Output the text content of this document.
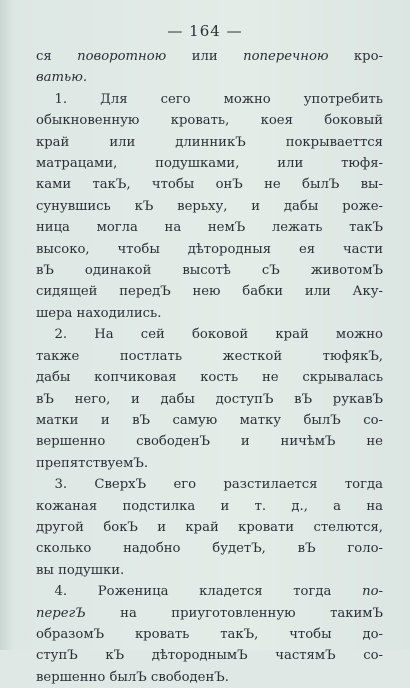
— 164 —
ся поворотною или поперечною кро-
ватью.
1. Для сего можно употребить
обыкновенную кровать, коея боковый
край или длинникЪ покрываеттся
матрацами, подушками, или тюфя-
ками такЪ, чтобы онЪ не былЪ вы-
сунувшись кЪ верьху, и дабы роже-
ница могла на немЪ лежать такЪ
высоко, чтобы дѣтородныя ея части
вЪ одинакой высотѣ сЪ животомЪ
сидящей передЪ нею бабки или Аку-
шера находились.
2. На сей боковой край можно
также постлать жесткой тюфякЪ,
дабы копчиковая кость не скрывалась
вЪ него, и дабы доступЪ вЪ рукавЪ
матки и вЪ самую матку былЪ со-
вершенно свободенЪ и ничѣмЪ не
препятствуемЪ.
3. СверхЪ его разстилается тогда
кожаная подстилка и т. д., а на
другой бокЪ и край кровати стелются,
сколько надобно будетЪ, вЪ голо-
вы подушки.
4. Роженица кладется тогда по-
перегЪ на приуготовленную такимЪ
образомЪ кровать такЪ, чтобы до-
ступЪ кЪ дѣтороднымЪ частямЪ со-
вершенно былЪ свободенЪ.
